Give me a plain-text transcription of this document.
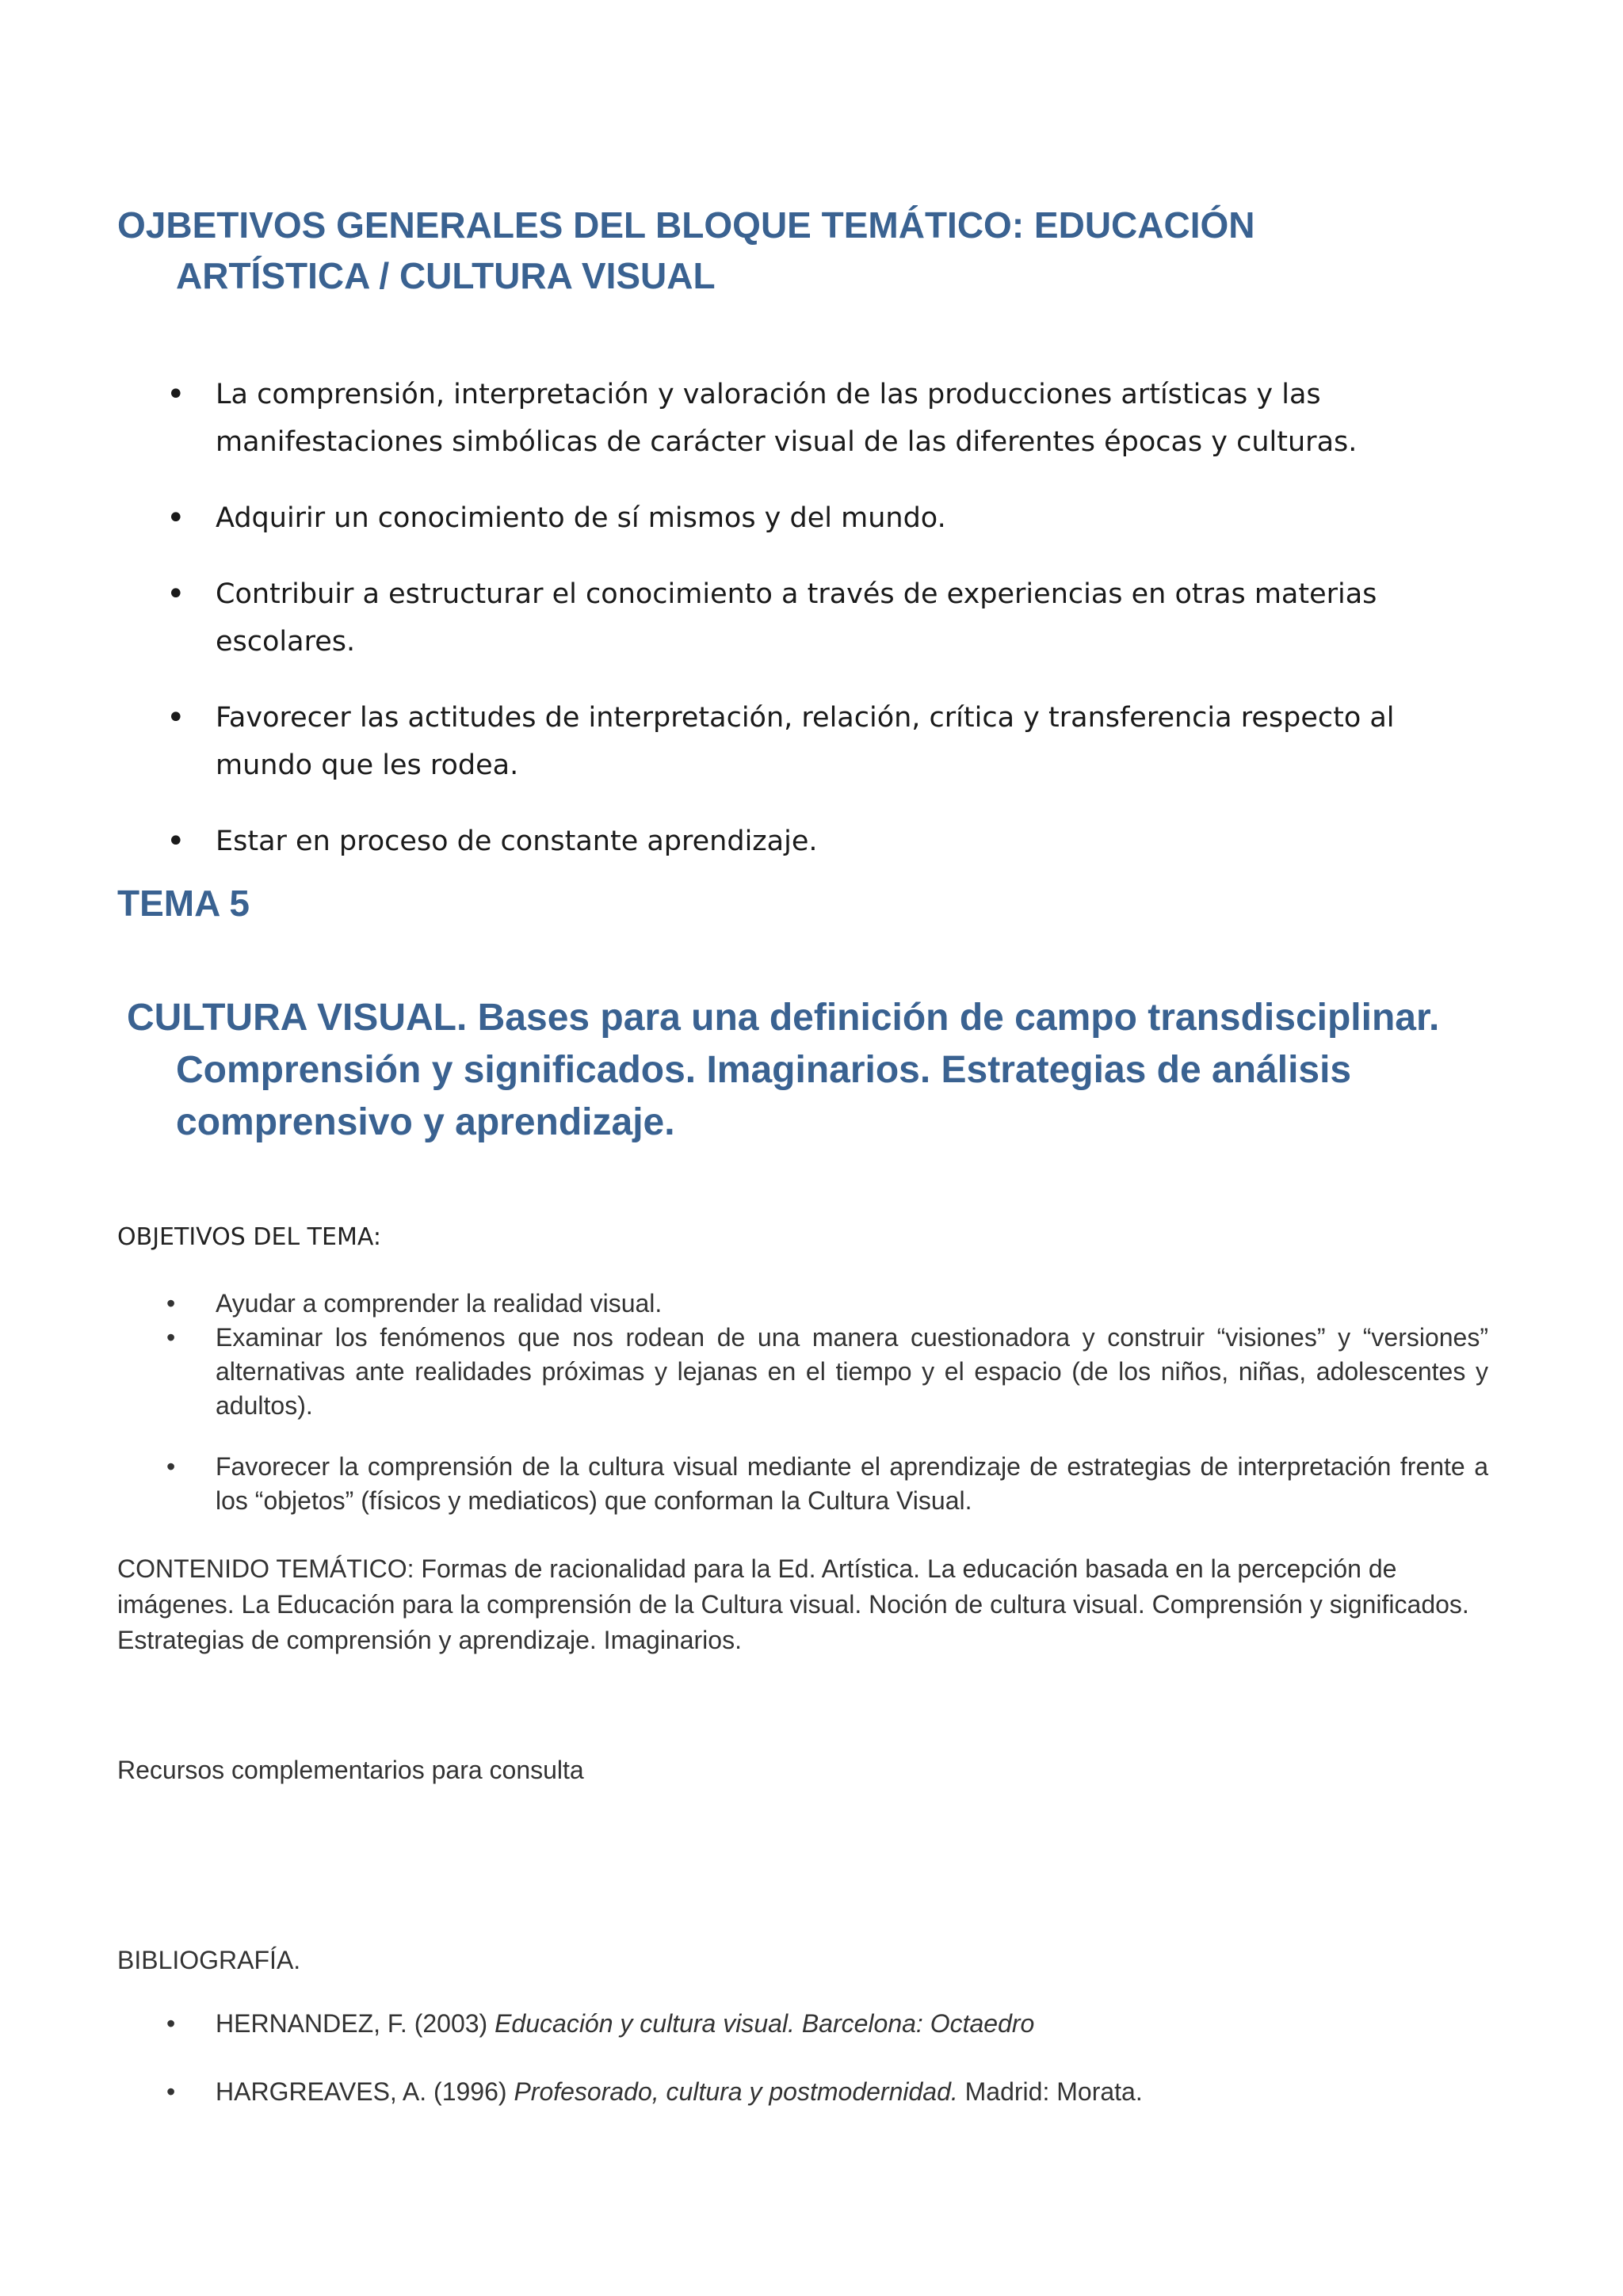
OJBETIVOS GENERALES DEL BLOQUE TEMÁTICO: EDUCACIÓN
ARTÍSTICA / CULTURA VISUAL
• La comprensión, interpretación y valoración de las producciones artísticas y las manifestaciones simbólicas de carácter visual de las diferentes épocas y culturas.
• Adquirir un conocimiento de sí mismos y del mundo.
• Contribuir a estructurar el conocimiento a través de experiencias en otras materias escolares.
• Favorecer las actitudes de interpretación, relación, crítica y transferencia respecto al mundo que les rodea.
• Estar en proceso de constante aprendizaje.
TEMA 5
CULTURA VISUAL. Bases para una definición de campo transdisciplinar.
Comprensión y significados. Imaginarios. Estrategias de análisis
comprensivo y aprendizaje.
OBJETIVOS DEL TEMA:
• Ayudar a comprender la realidad visual.
• Examinar los fenómenos que nos rodean de una manera cuestionadora y construir “visiones” y “versiones” alternativas ante realidades próximas y lejanas en el tiempo y el espacio (de los niños, niñas, adolescentes y adultos).
• Favorecer la comprensión de la cultura visual mediante el aprendizaje de estrategias de interpretación frente a los “objetos” (físicos y mediaticos) que conforman la Cultura Visual.

CONTENIDO TEMÁTICO: Formas de racionalidad para la Ed. Artística. La educación basada en la percepción de imágenes. La Educación para la comprensión de la Cultura visual. Noción de cultura visual. Comprensión y significados. Estrategias de comprensión y aprendizaje. Imaginarios.

Recursos complementarios para consulta
BIBLIOGRAFÍA.
• HERNANDEZ, F. (2003) Educación y cultura visual. Barcelona: Octaedro
• HARGREAVES, A. (1996) Profesorado, cultura y postmodernidad. Madrid: Morata.
